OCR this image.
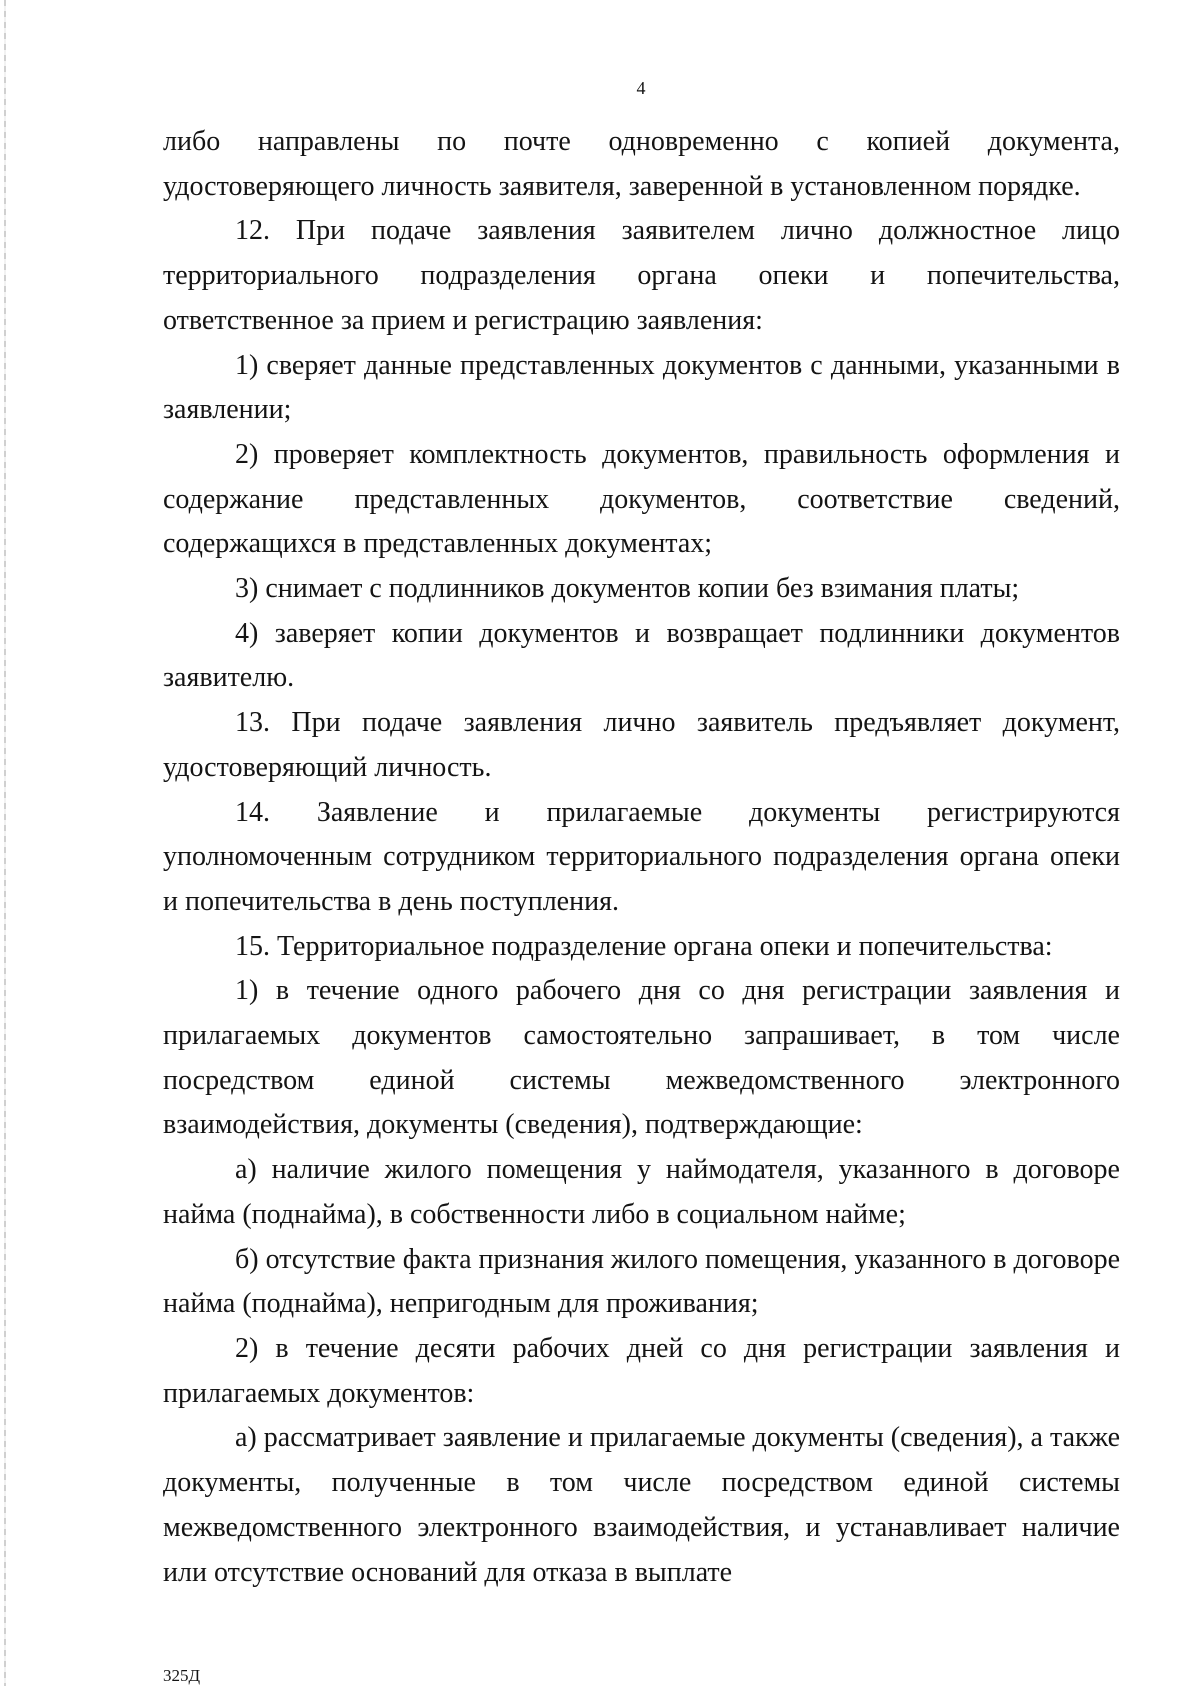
4

либо направлены по почте одновременно с копией документа, удостоверяющего личность заявителя, заверенной в установленном порядке.

12. При подаче заявления заявителем лично должностное лицо территориального подразделения органа опеки и попечительства, ответственное за прием и регистрацию заявления:

1) сверяет данные представленных документов с данными, указанными в заявлении;

2) проверяет комплектность документов, правильность оформления и содержание представленных документов, соответствие сведений, содержащихся в представленных документах;

3) снимает с подлинников документов копии без взимания платы;

4) заверяет копии документов и возвращает подлинники документов заявителю.

13. При подаче заявления лично заявитель предъявляет документ, удостоверяющий личность.

14. Заявление и прилагаемые документы регистрируются уполномоченным сотрудником территориального подразделения органа опеки и попечительства в день поступления.

15. Территориальное подразделение органа опеки и попечительства:

1) в течение одного рабочего дня со дня регистрации заявления и прилагаемых документов самостоятельно запрашивает, в том числе посредством единой системы межведомственного электронного взаимодействия, документы (сведения), подтверждающие:

а) наличие жилого помещения у наймодателя, указанного в договоре найма (поднайма), в собственности либо в социальном найме;

б) отсутствие факта признания жилого помещения, указанного в договоре найма (поднайма), непригодным для проживания;

2) в течение десяти рабочих дней со дня регистрации заявления и прилагаемых документов:

а) рассматривает заявление и прилагаемые документы (сведения), а также документы, полученные в том числе посредством единой системы межведомственного электронного взаимодействия, и устанавливает наличие или отсутствие оснований для отказа в выплате

325Д
